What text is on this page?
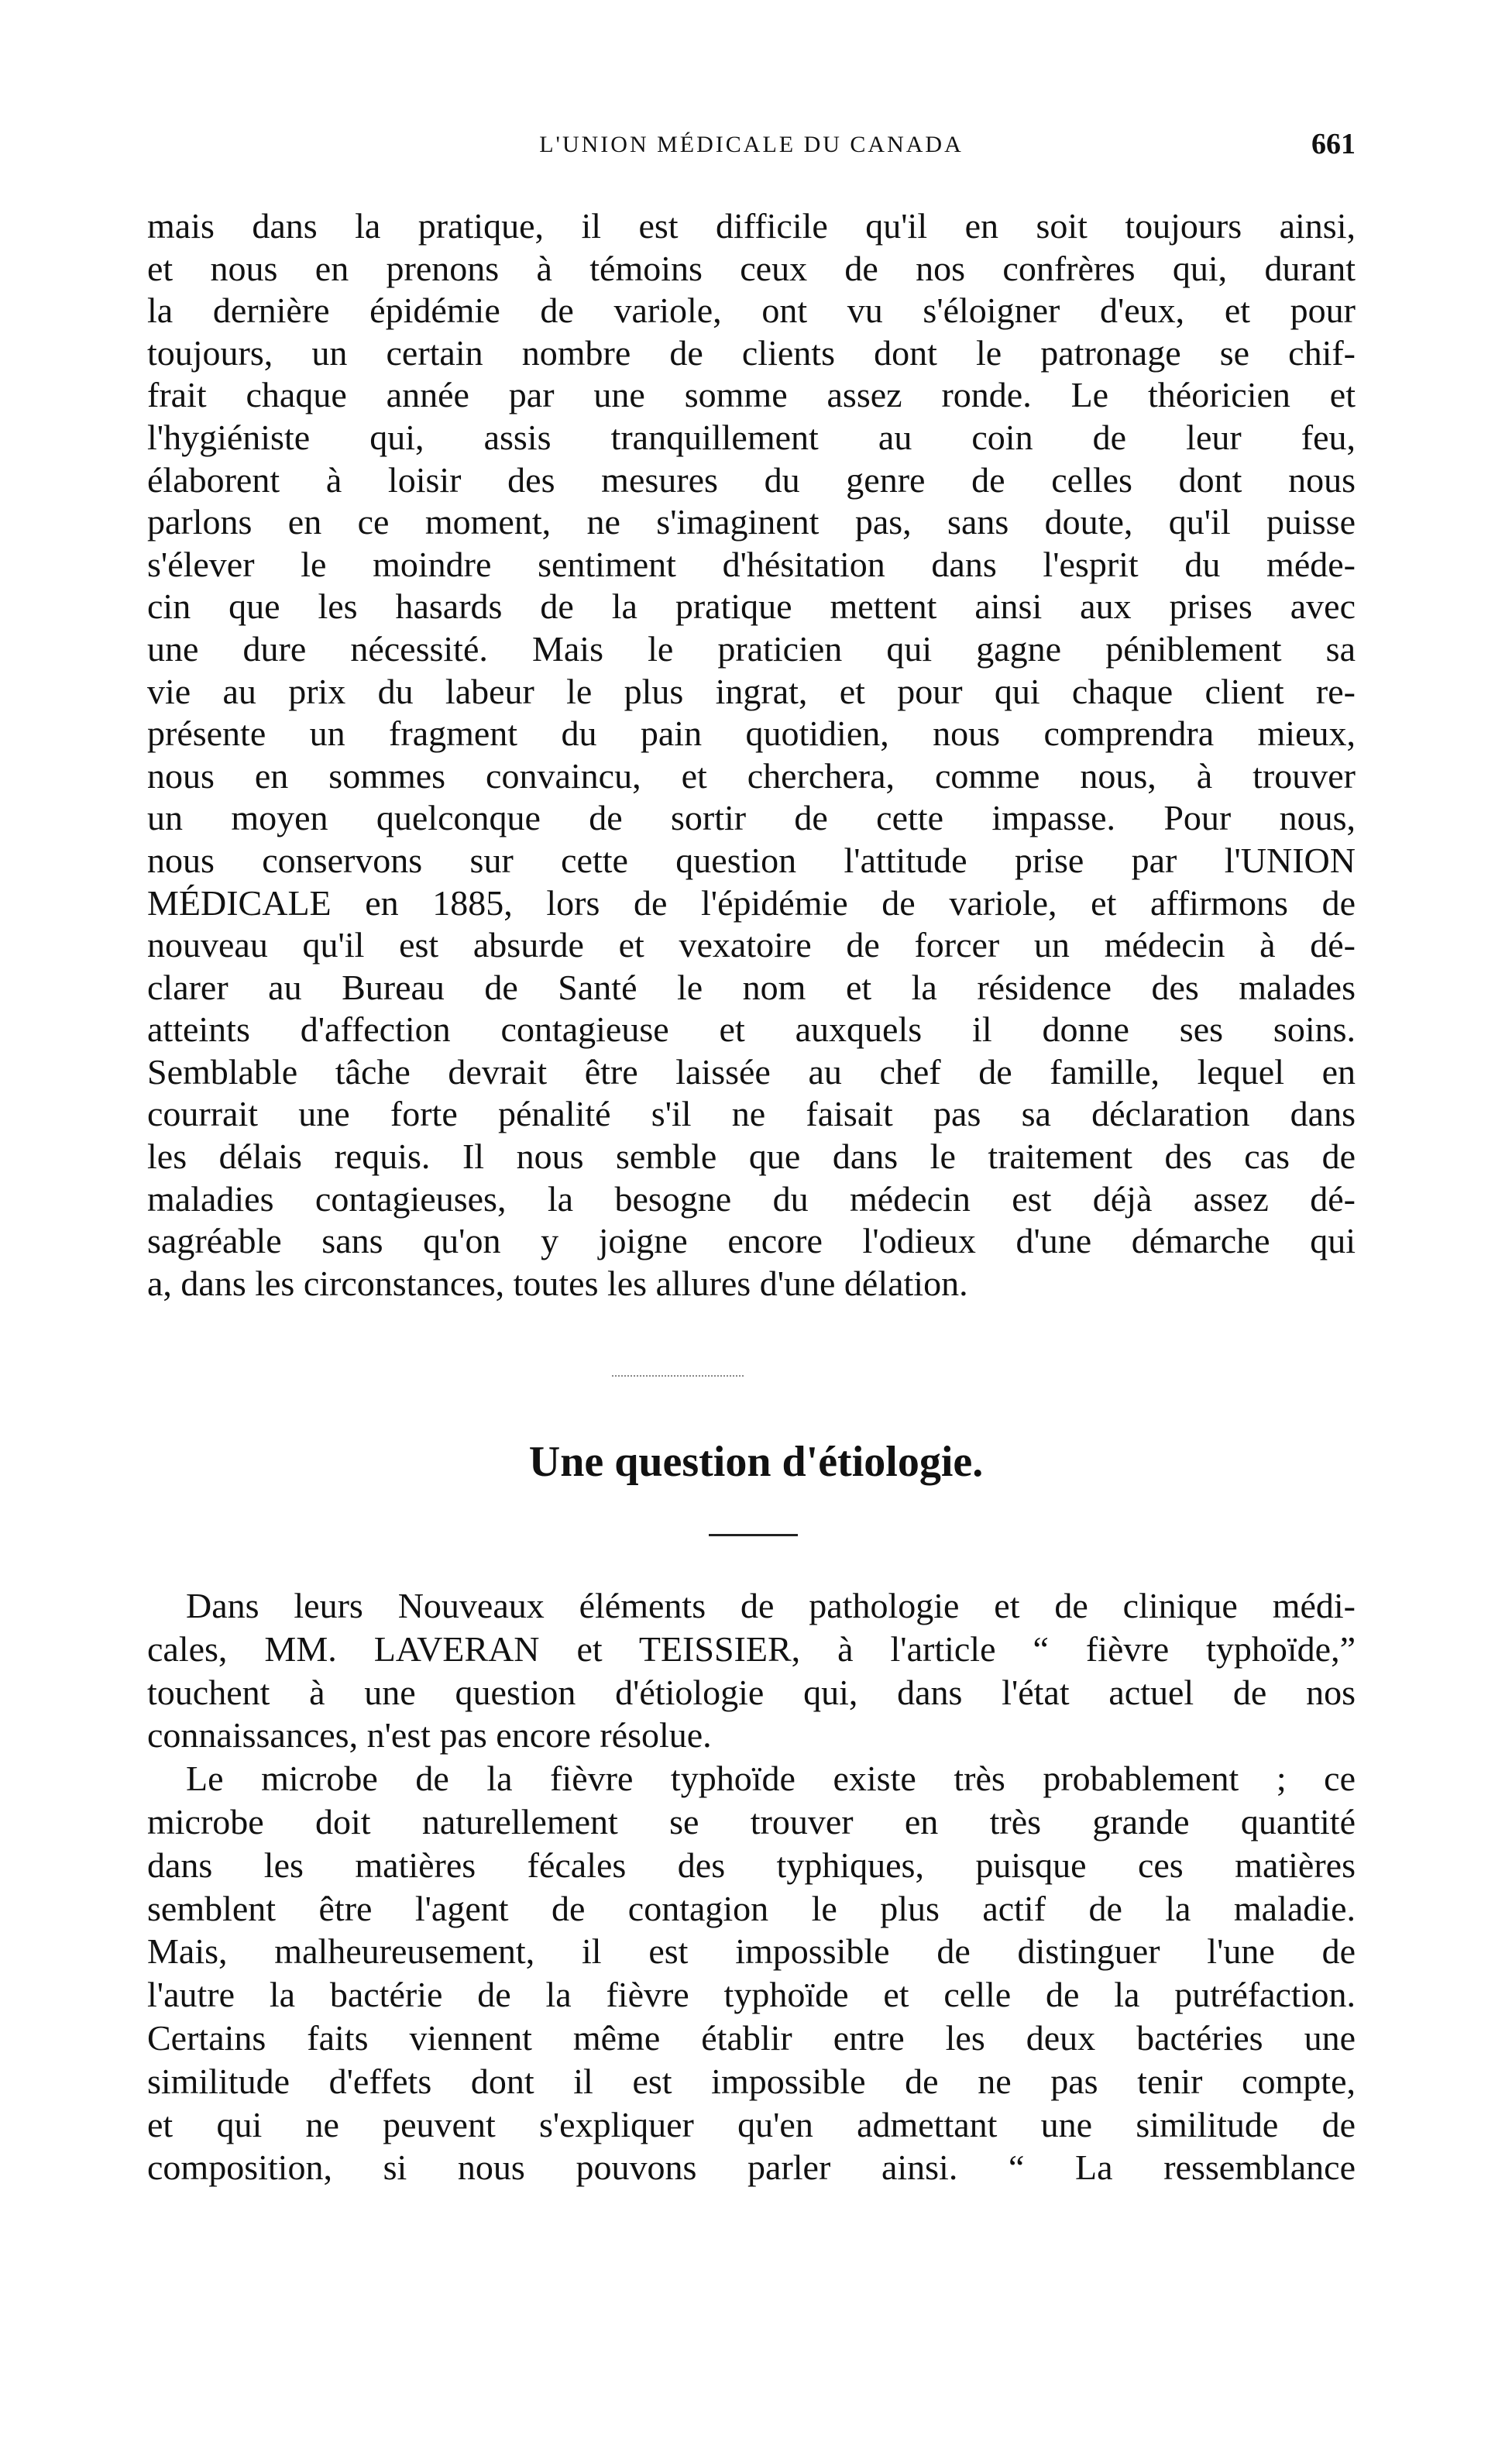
L'UNION MÉDICALE DU CANADA	661
mais dans la pratique, il est difficile qu'il en soit toujours ainsi,
et nous en prenons à témoins ceux de nos confrères qui, durant
la dernière épidémie de variole, ont vu s'éloigner d'eux, et pour
toujours, un certain nombre de clients dont le patronage se chif-
frait chaque année par une somme assez ronde. Le théoricien et
l'hygiéniste qui, assis tranquillement au coin de leur feu,
élaborent à loisir des mesures du genre de celles dont nous
parlons en ce moment, ne s'imaginent pas, sans doute, qu'il puisse
s'élever le moindre sentiment d'hésitation dans l'esprit du méde-
cin que les hasards de la pratique mettent ainsi aux prises avec
une dure nécessité. Mais le praticien qui gagne péniblement sa
vie au prix du labeur le plus ingrat, et pour qui chaque client re-
présente un fragment du pain quotidien, nous comprendra mieux,
nous en sommes convaincu, et cherchera, comme nous, à trouver
un moyen quelconque de sortir de cette impasse. Pour nous,
nous conservons sur cette question l'attitude prise par l'UNION
MÉDICALE en 1885, lors de l'épidémie de variole, et affirmons de
nouveau qu'il est absurde et vexatoire de forcer un médecin à dé-
clarer au Bureau de Santé le nom et la résidence des malades
atteints d'affection contagieuse et auxquels il donne ses soins.
Semblable tâche devrait être laissée au chef de famille, lequel en
courrait une forte pénalité s'il ne faisait pas sa déclaration dans
les délais requis. Il nous semble que dans le traitement des cas de
maladies contagieuses, la besogne du médecin est déjà assez dé-
sagréable sans qu'on y joigne encore l'odieux d'une démarche qui
a, dans les circonstances, toutes les allures d'une délation.
Une question d'étiologie.
Dans leurs Nouveaux éléments de pathologie et de clinique médi-
cales, MM. LAVERAN et TEISSIER, à l'article “ fièvre typhoïde,”
touchent à une question d'étiologie qui, dans l'état actuel de nos
connaissances, n'est pas encore résolue.
Le microbe de la fièvre typhoïde existe très probablement ; ce
microbe doit naturellement se trouver en très grande quantité
dans les matières fécales des typhiques, puisque ces matières
semblent être l'agent de contagion le plus actif de la maladie.
Mais, malheureusement, il est impossible de distinguer l'une de
l'autre la bactérie de la fièvre typhoïde et celle de la putréfaction.
Certains faits viennent même établir entre les deux bactéries une
similitude d'effets dont il est impossible de ne pas tenir compte,
et qui ne peuvent s'expliquer qu'en admettant une similitude de
composition, si nous pouvons parler ainsi. “ La ressemblance
